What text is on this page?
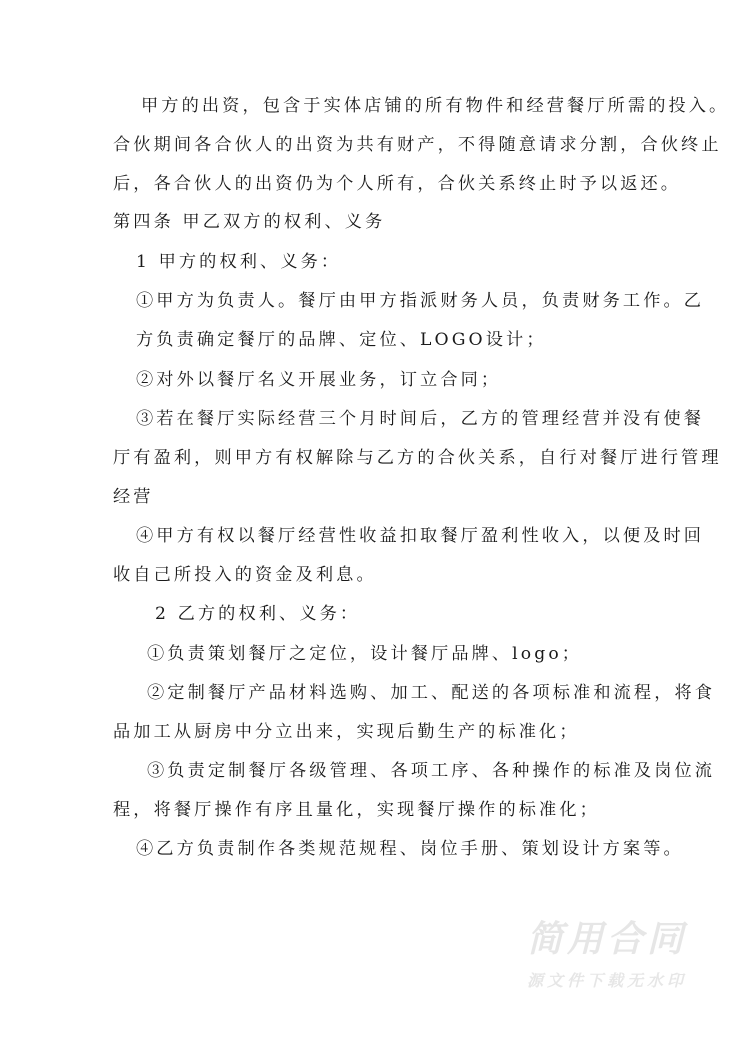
甲方的出资，包含于实体店铺的所有物件和经营餐厅所需的投入。
合伙期间各合伙人的出资为共有财产，不得随意请求分割，合伙终止
后，各合伙人的出资仍为个人所有，合伙关系终止时予以返还。
第四条 甲乙双方的权利、义务
1 甲方的权利、义务：
①甲方为负责人。餐厅由甲方指派财务人员，负责财务工作。乙
方负责确定餐厅的品牌、定位、LOGO设计；
②对外以餐厅名义开展业务，订立合同；
③若在餐厅实际经营三个月时间后，乙方的管理经营并没有使餐
厅有盈利，则甲方有权解除与乙方的合伙关系，自行对餐厅进行管理
经营
④甲方有权以餐厅经营性收益扣取餐厅盈利性收入，以便及时回
收自己所投入的资金及利息。
2 乙方的权利、义务：
①负责策划餐厅之定位，设计餐厅品牌、logo；
②定制餐厅产品材料选购、加工、配送的各项标准和流程，将食
品加工从厨房中分立出来，实现后勤生产的标准化；
③负责定制餐厅各级管理、各项工序、各种操作的标准及岗位流
程，将餐厅操作有序且量化，实现餐厅操作的标准化；
④乙方负责制作各类规范规程、岗位手册、策划设计方案等。
简用合同
源文件下载无水印
